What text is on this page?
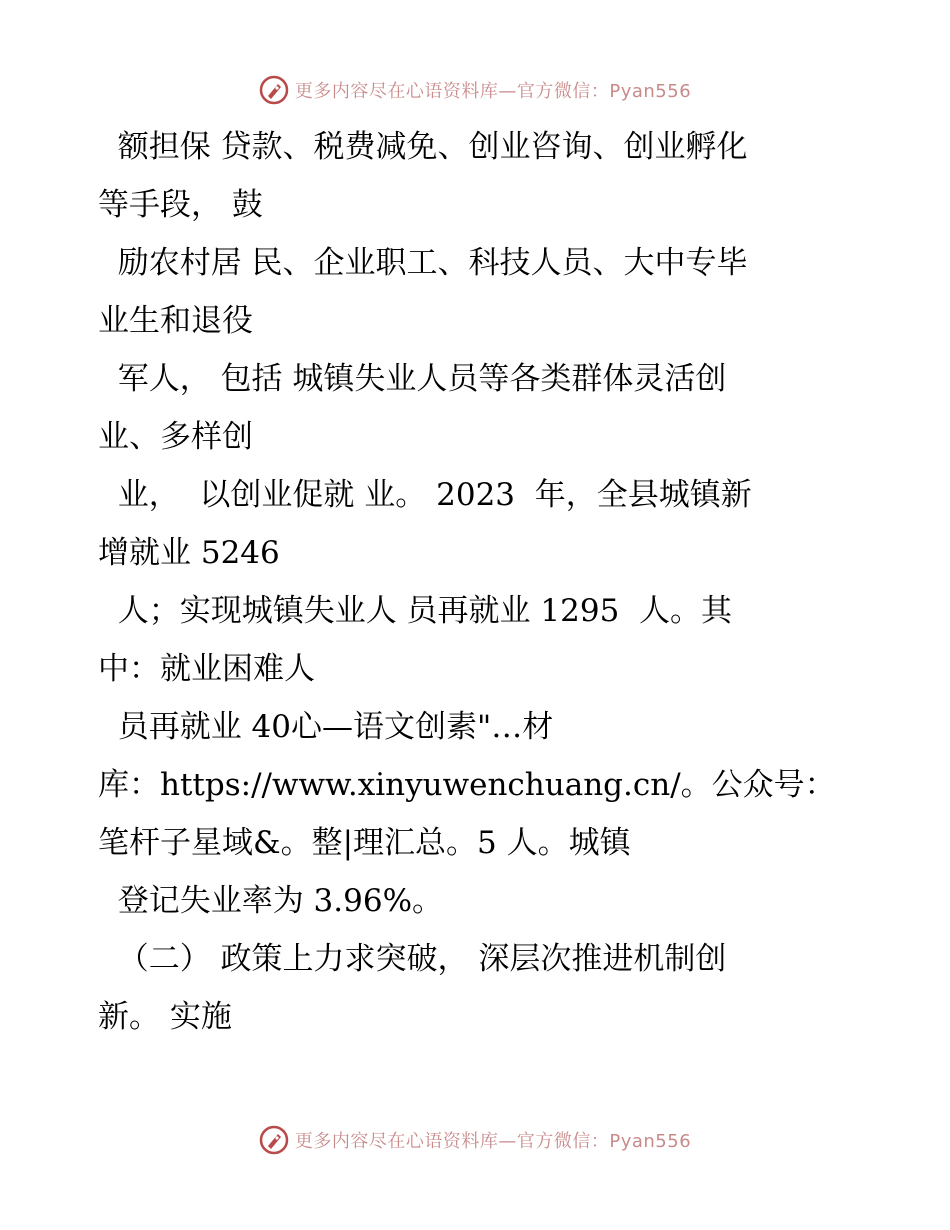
更多内容尽在心语资料库—官方微信：Pyan556
额担保 贷款、税费减免、创业咨询、创业孵化
等手段， 鼓
励农村居 民、企业职工、科技人员、大中专毕
业生和退役
军人， 包括 城镇失业人员等各类群体灵活创
业、多样创
业，  以创业促就 业。 2023  年，全县城镇新
增就业 5246
人；实现城镇失业人 员再就业 1295  人。其
中：就业困难人
员再就业 40心—语文创素"…材
库：https://www.xinyuwenchuang.cn/。公众号：
笔杆子星域&。整|理汇总。5 人。城镇
登记失业率为 3.96%。
（二） 政策上力求突破， 深层次推进机制创
新。 实施
更多内容尽在心语资料库—官方微信：Pyan556
